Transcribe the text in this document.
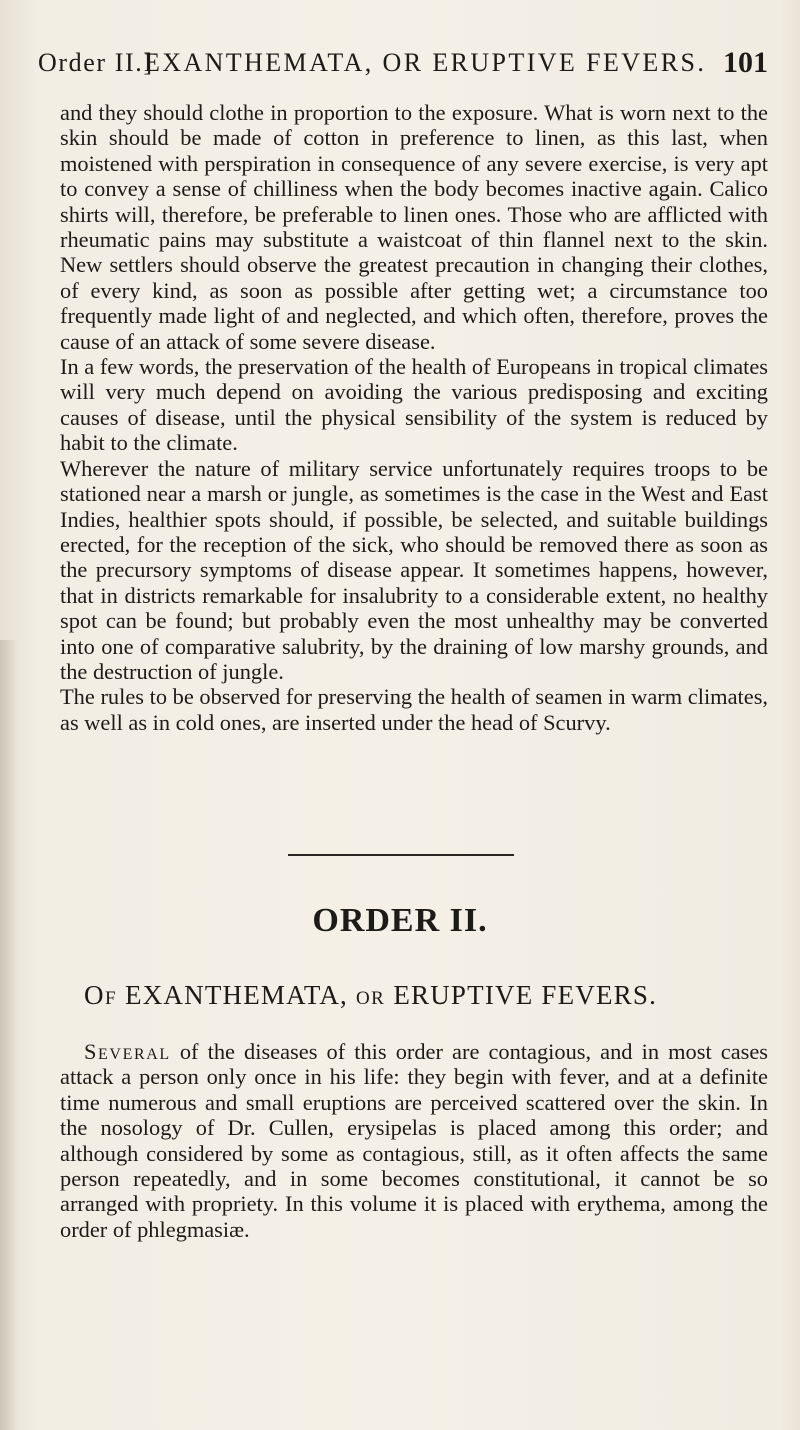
Order II.]
EXANTHEMATA, OR ERUPTIVE FEVERS. 101

and they should clothe in proportion to the exposure. What is worn next to the skin should be made of cotton in preference to linen, as this last, when moistened with perspiration in consequence of any severe exercise, is very apt to convey a sense of chilliness when the body becomes inactive again. Calico shirts will, therefore, be preferable to linen ones. Those who are afflicted with rheumatic pains may substitute a waistcoat of thin flannel next to the skin. New settlers should observe the greatest precaution in changing their clothes, of every kind, as soon as possible after getting wet; a circumstance too frequently made light of and neglected, and which often, therefore, proves the cause of an attack of some severe disease.

In a few words, the preservation of the health of Europeans in tropical climates will very much depend on avoiding the various predisposing and exciting causes of disease, until the physical sensibility of the system is reduced by habit to the climate.

Wherever the nature of military service unfortunately requires troops to be stationed near a marsh or jungle, as sometimes is the case in the West and East Indies, healthier spots should, if possible, be selected, and suitable buildings erected, for the reception of the sick, who should be removed there as soon as the precursory symptoms of disease appear. It sometimes happens, however, that in districts remarkable for insalubrity to a considerable extent, no healthy spot can be found; but probably even the most unhealthy may be converted into one of comparative salubrity, by the draining of low marshy grounds, and the destruction of jungle.

The rules to be observed for preserving the health of seamen in warm climates, as well as in cold ones, are inserted under the head of Scurvy.

ORDER II.
Of EXANTHEMATA, or ERUPTIVE FEVERS.

Several of the diseases of this order are contagious, and in most cases attack a person only once in his life: they begin with fever, and at a definite time numerous and small eruptions are perceived scattered over the skin. In the nosology of Dr. Cullen, erysipelas is placed among this order; and although considered by some as contagious, still, as it often affects the same person repeatedly, and in some becomes constitutional, it cannot be so arranged with propriety. In this volume it is placed with erythema, among the order of phlegmasiæ.
